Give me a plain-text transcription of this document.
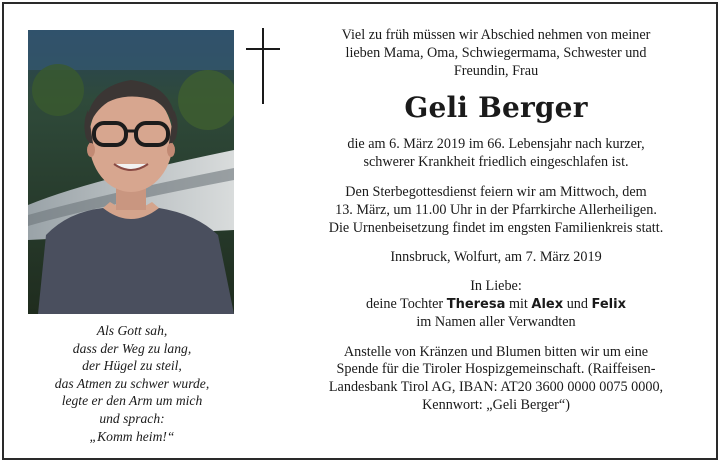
Als Gott sah,
dass der Weg zu lang,
der Hügel zu steil,
das Atmen zu schwer wurde,
legte er den Arm um mich
und sprach:
„Komm heim!“
Viel zu früh müssen wir Abschied nehmen von meiner
lieben Mama, Oma, Schwiegermama, Schwester und
Freundin, Frau
Geli Berger
die am 6. März 2019 im 66. Lebensjahr nach kurzer,
schwerer Krankheit friedlich eingeschlafen ist.
Den Sterbegottesdienst feiern wir am Mittwoch, dem
13. März, um 11.00 Uhr in der Pfarrkirche Allerheiligen.
Die Urnenbeisetzung findet im engsten Familienkreis statt.
Innsbruck, Wolfurt, am 7. März 2019
In Liebe:
deine Tochter Theresa mit Alex und Felix
im Namen aller Verwandten
Anstelle von Kränzen und Blumen bitten wir um eine
Spende für die Tiroler Hospizgemeinschaft. (Raiffeisen-
Landesbank Tirol AG, IBAN: AT20 3600 0000 0075 0000,
Kennwort: „Geli Berger“)
